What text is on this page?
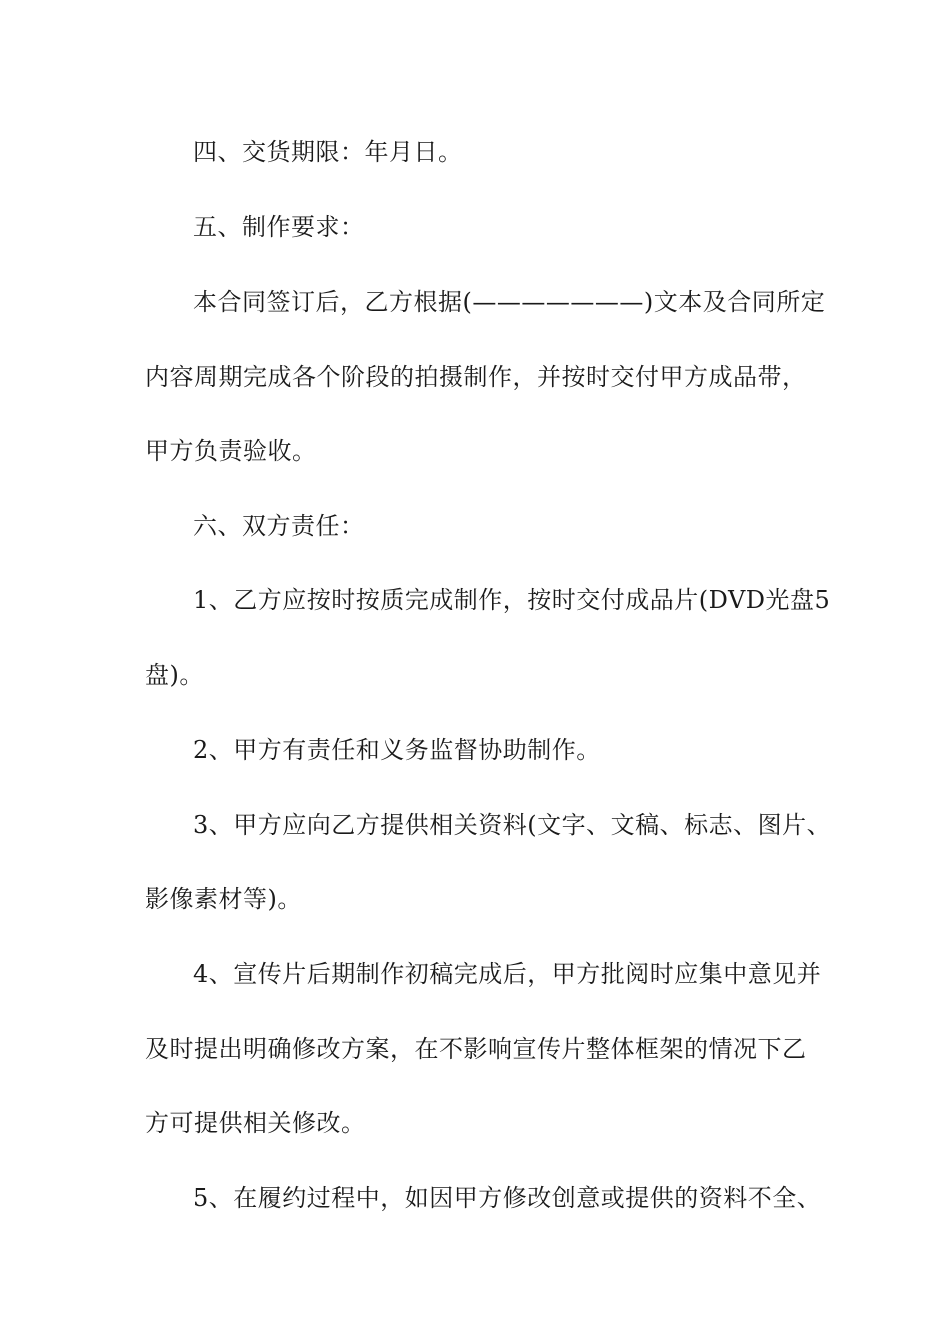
四、交货期限：年月日。
五、制作要求：
本合同签订后，乙方根据(———————)文本及合同所定
内容周期完成各个阶段的拍摄制作，并按时交付甲方成品带，
甲方负责验收。
六、双方责任：
1、乙方应按时按质完成制作，按时交付成品片(DVD光盘5
盘)。
2、甲方有责任和义务监督协助制作。
3、甲方应向乙方提供相关资料(文字、文稿、标志、图片、
影像素材等)。
4、宣传片后期制作初稿完成后，甲方批阅时应集中意见并
及时提出明确修改方案，在不影响宣传片整体框架的情况下乙
方可提供相关修改。
5、在履约过程中，如因甲方修改创意或提供的资料不全、
